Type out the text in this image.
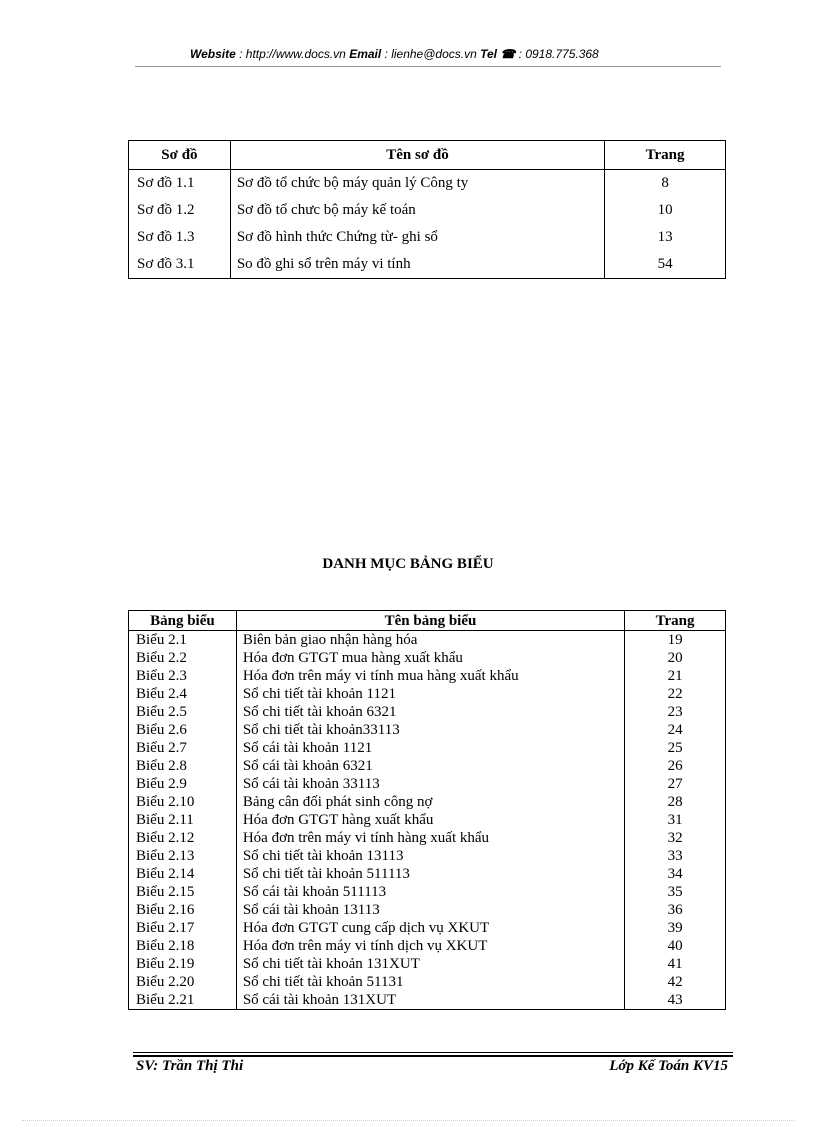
Website : http://www.docs.vn Email : lienhe@docs.vn Tel ☎ : 0918.775.368
Sơ đồ	Tên sơ đồ	Trang
Sơ đồ 1.1	Sơ đồ tổ chức bộ máy quản lý Công ty	8
Sơ đồ 1.2	Sơ đồ tổ chưc bộ máy kế toán	10
Sơ đồ 1.3	Sơ đồ hình thức Chứng từ- ghi sổ	13
Sơ đồ 3.1	So đồ ghi sổ trên máy vi tính	54
DANH MỤC BẢNG BIỂU
Bảng biểu	Tên bảng biểu	Trang
Biểu 2.1	Biên bản giao nhận hàng hóa	19
Biểu 2.2	Hóa đơn GTGT mua hàng xuất khẩu	20
Biểu 2.3	Hóa đơn trên máy vi tính mua hàng xuất khẩu	21
Biểu 2.4	Sổ chi tiết tài khoản 1121	22
Biểu 2.5	Sổ chi tiết tài khoản 6321	23
Biểu 2.6	Sổ chi tiết tài khoản33113	24
Biểu 2.7	Sổ cái tài khoản 1121	25
Biểu 2.8	Sổ cái tài khoản 6321	26
Biểu 2.9	Sổ cái tài khoản 33113	27
Biểu 2.10	Bảng cân đối phát sinh công nợ	28
Biểu 2.11	Hóa đơn GTGT hàng xuất khẩu	31
Biểu 2.12	Hóa đơn trên máy vi tính hàng xuất khẩu	32
Biểu 2.13	Sổ chi tiết tài khoản 13113	33
Biểu 2.14	Sổ chi tiết tài khoản 511113	34
Biểu 2.15	Sổ cái tài khoản 511113	35
Biểu 2.16	Sổ cái tài khoản 13113	36
Biểu 2.17	Hóa đơn GTGT cung cấp dịch vụ XKUT	39
Biểu 2.18	Hóa đơn trên máy vi tính dịch vụ XKUT	40
Biểu 2.19	Sổ chi tiết tài khoản 131XUT	41
Biểu 2.20	Sổ chi tiết tài khoản 51131	42
Biểu 2.21	Sổ cái tài khoản 131XUT	43
SV: Trần Thị Thi	Lớp Kế Toán KV15
